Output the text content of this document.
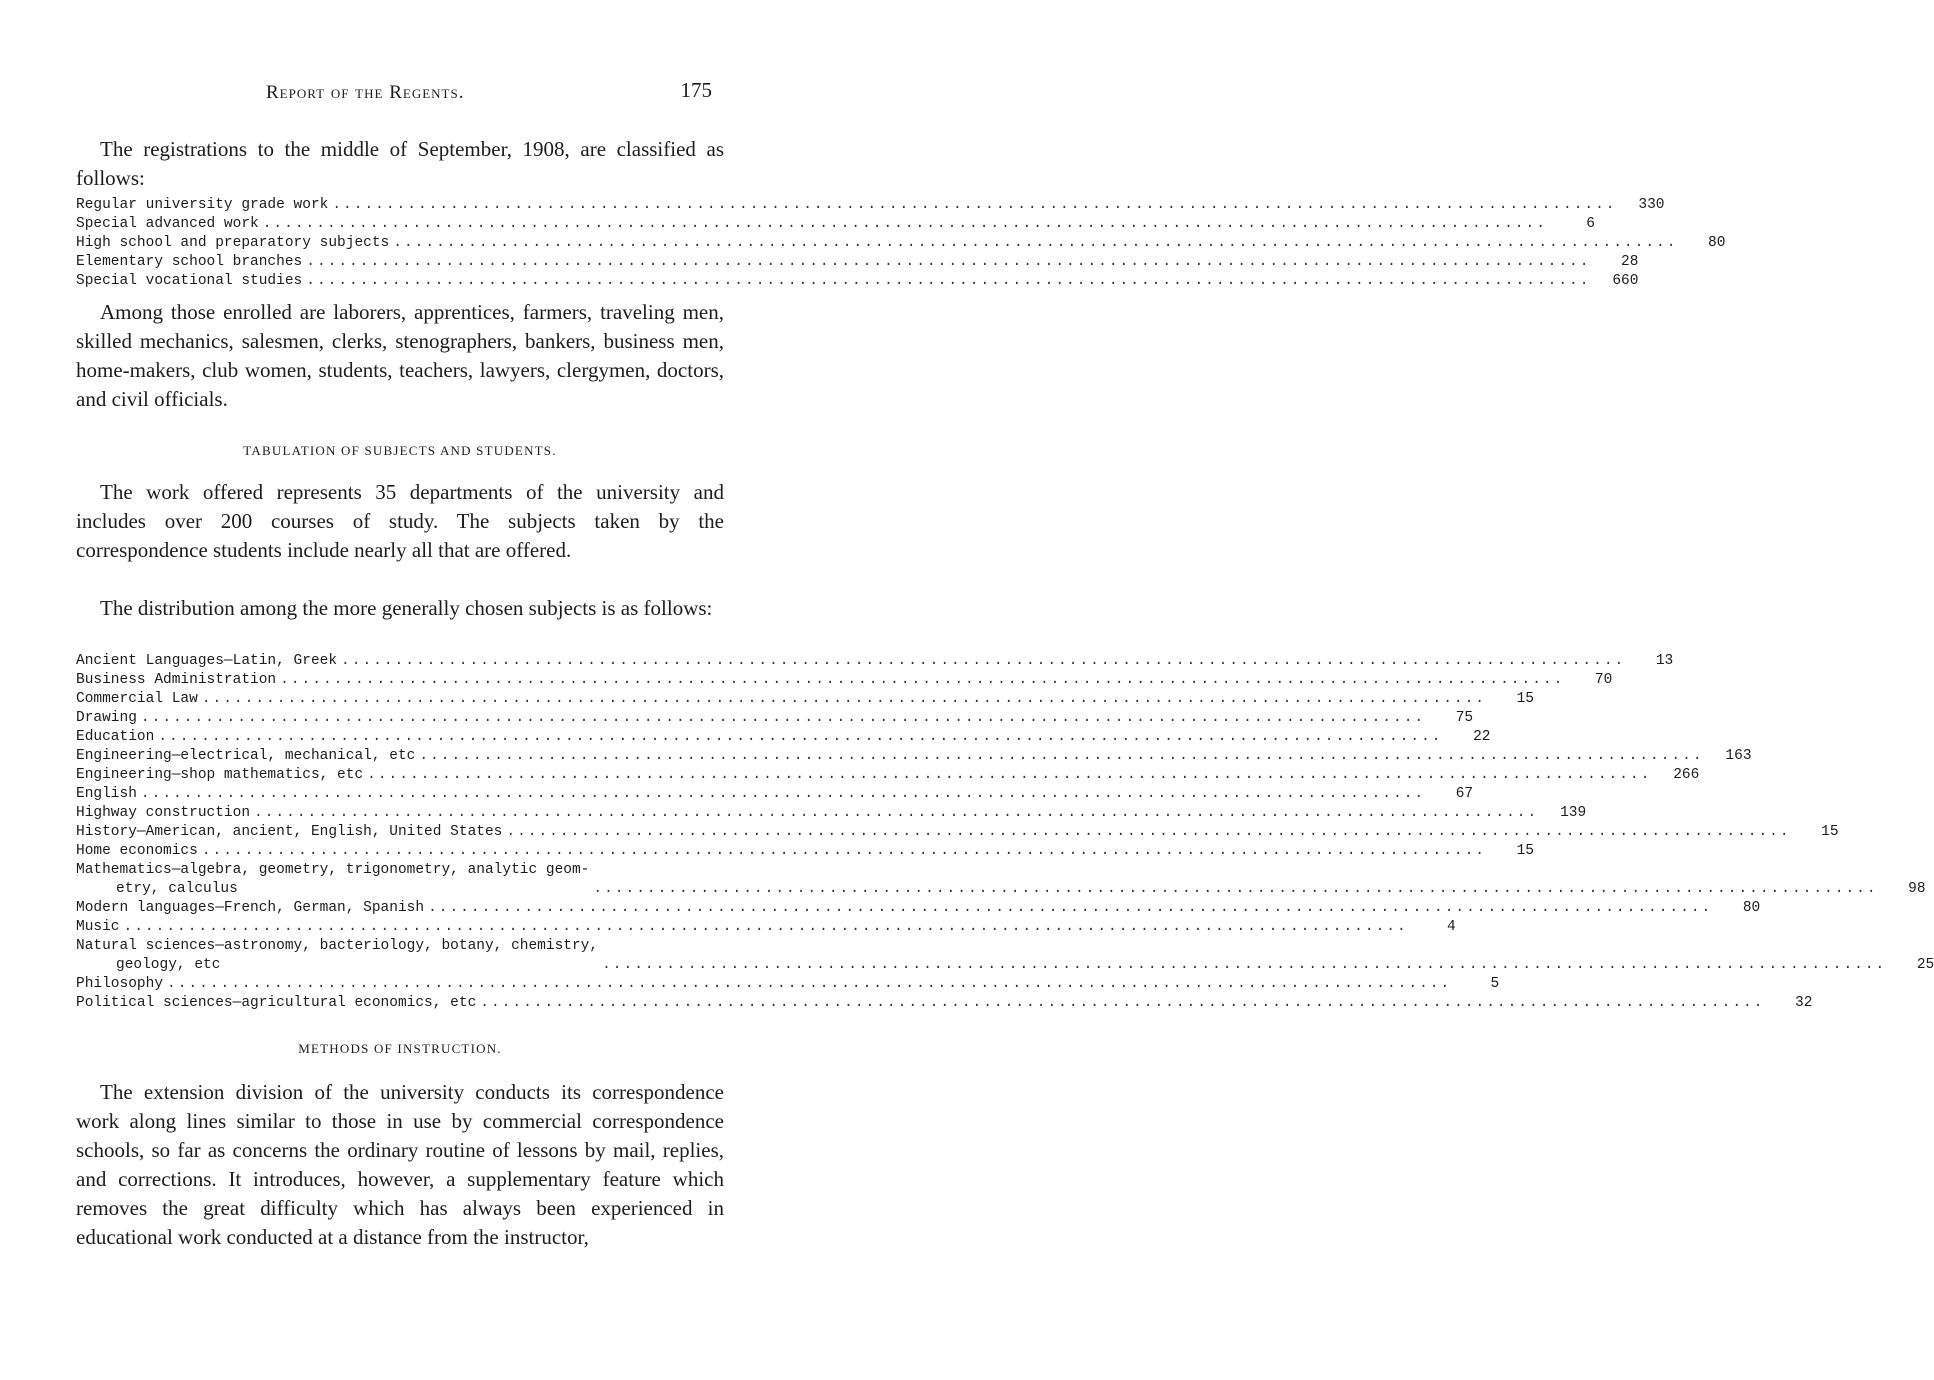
Report of the Regents.	175

The registrations to the middle of September, 1908, are classified as follows:

Regular university grade work ........................................................................................................................	330
Special advanced work ........................................................................................................................	6
High school and preparatory subjects ........................................................................................................................	80
Elementary school branches ........................................................................................................................	28
Special vocational studies ........................................................................................................................	660

Among those enrolled are laborers, apprentices, farmers, traveling men, skilled mechanics, salesmen, clerks, stenographers, bankers, business men, home-makers, club women, students, teachers, lawyers, clergymen, doctors, and civil officials.

TABULATION OF SUBJECTS AND STUDENTS.

The work offered represents 35 departments of the university and includes over 200 courses of study. The subjects taken by the correspondence students include nearly all that are offered.

The distribution among the more generally chosen subjects is as follows:

Ancient Languages—Latin, Greek ........................................................................................................................	13
Business Administration ........................................................................................................................	70
Commercial Law ........................................................................................................................	15
Drawing ........................................................................................................................	75
Education ........................................................................................................................	22
Engineering—electrical, mechanical, etc ........................................................................................................................	163
Engineering—shop mathematics, etc ........................................................................................................................	266
English ........................................................................................................................	67
Highway construction ........................................................................................................................	139
History—American, ancient, English, United States ........................................................................................................................	15
Home economics ........................................................................................................................	15
Mathematics—algebra, geometry, trigonometry, analytic geom-
etry, calculus	........................................................................................................................	98
Modern languages—French, German, Spanish ........................................................................................................................	80
Music ........................................................................................................................	4
Natural sciences—astronomy, bacteriology, botany, chemistry,
geology, etc	........................................................................................................................	25
Philosophy ........................................................................................................................	5
Political sciences—agricultural economics, etc ........................................................................................................................	32
METHODS OF INSTRUCTION.

The extension division of the university conducts its correspondence work along lines similar to those in use by commercial correspondence schools, so far as concerns the ordinary routine of lessons by mail, replies, and corrections. It introduces, however, a supplementary feature which removes the great difficulty which has always been experienced in educational work conducted at a distance from the instructor,
